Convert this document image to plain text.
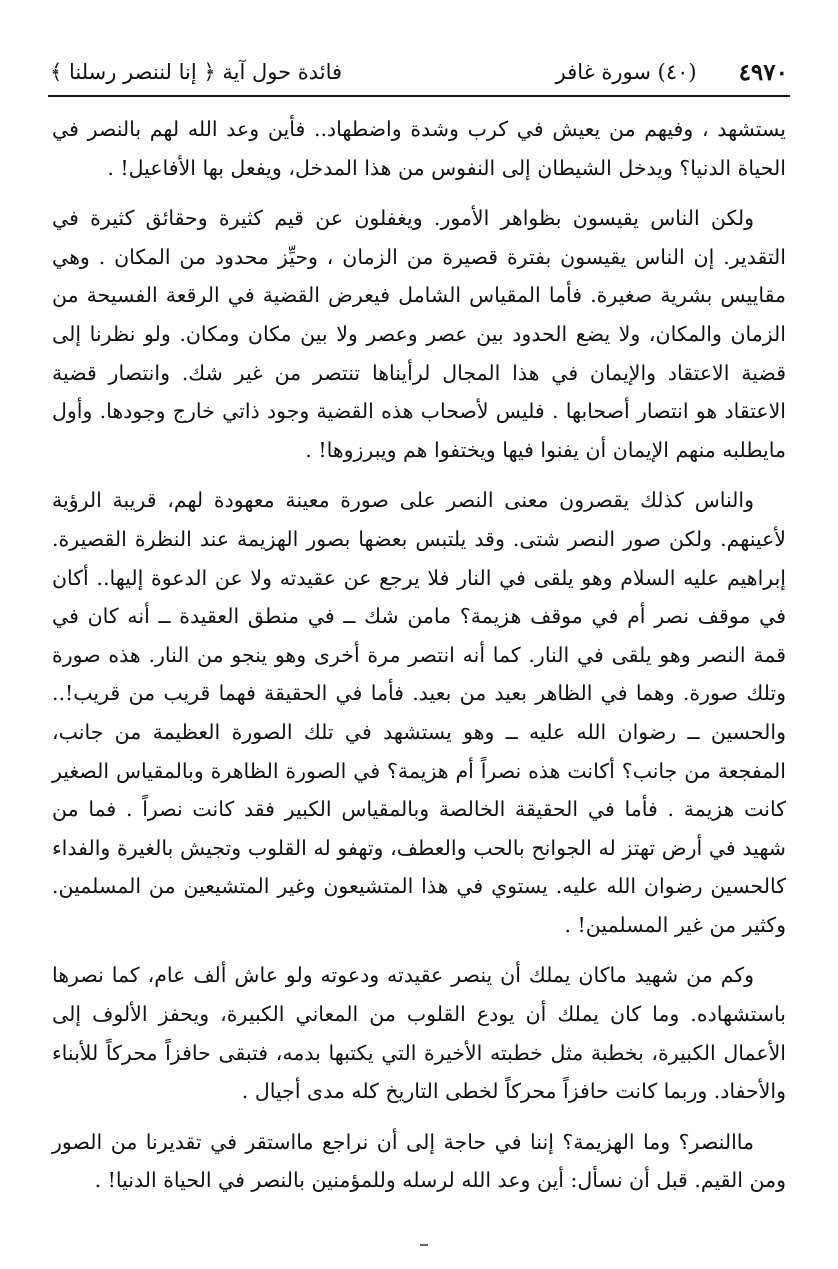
٤٩٧٠
(٤٠) سورة غافر
فائدة حول آية ﴿ إنا لننصر رسلنا ﴾

يستشهد ، وفيهم من يعيش في كرب وشدة واضطهاد.. فأين وعد الله لهم بالنصر في الحياة الدنيا؟ ويدخل الشيطان إلى النفوس من هذا المدخل، ويفعل بها الأفاعيل! .

ولكن الناس يقيسون بظواهر الأمور. ويغفلون عن قيم كثيرة وحقائق كثيرة في التقدير. إن الناس يقيسون بفترة قصيرة من الزمان ، وحيِّز محدود من المكان . وهي مقاييس بشرية صغيرة. فأما المقياس الشامل فيعرض القضية في الرقعة الفسيحة من الزمان والمكان، ولا يضع الحدود بين عصر وعصر ولا بين مكان ومكان. ولو نظرنا إلى قضية الاعتقاد والإيمان في هذا المجال لرأيناها تنتصر من غير شك. وانتصار قضية الاعتقاد هو انتصار أصحابها . فليس لأصحاب هذه القضية وجود ذاتي خارج وجودها. وأول مايطلبه منهم الإيمان أن يفنوا فيها ويختفوا هم ويبرزوها! .

والناس كذلك يقصرون معنى النصر على صورة معينة معهودة لهم، قريبة الرؤية لأعينهم. ولكن صور النصر شتى. وقد يلتبس بعضها بصور الهزيمة عند النظرة القصيرة. إبراهيم عليه السلام وهو يلقى في النار فلا يرجع عن عقيدته ولا عن الدعوة إليها.. أكان في موقف نصر أم في موقف هزيمة؟ مامن شك ــ في منطق العقيدة ــ أنه كان في قمة النصر وهو يلقى في النار. كما أنه انتصر مرة أخرى وهو ينجو من النار. هذه صورة وتلك صورة. وهما في الظاهر بعيد من بعيد. فأما في الحقيقة فهما قريب من قريب!.. والحسين ــ رضوان الله عليه ــ وهو يستشهد في تلك الصورة العظيمة من جانب، المفجعة من جانب؟ أكانت هذه نصراً أم هزيمة؟ في الصورة الظاهرة وبالمقياس الصغير كانت هزيمة . فأما في الحقيقة الخالصة وبالمقياس الكبير فقد كانت نصراً . فما من شهيد في أرض تهتز له الجوانح بالحب والعطف، وتهفو له القلوب وتجيش بالغيرة والفداء كالحسين رضوان الله عليه. يستوي في هذا المتشيعون وغير المتشيعين من المسلمين. وكثير من غير المسلمين! .

وكم من شهيد ماكان يملك أن ينصر عقيدته ودعوته ولو عاش ألف عام، كما نصرها باستشهاده. وما كان يملك أن يودع القلوب من المعاني الكبيرة، ويحفز الألوف إلى الأعمال الكبيرة، بخطبة مثل خطبته الأخيرة التي يكتبها بدمه، فتبقى حافزاً محركاً للأبناء والأحفاد. وربما كانت حافزاً محركاً لخطى التاريخ كله مدى أجيال .

ماالنصر؟ وما الهزيمة؟ إننا في حاجة إلى أن نراجع مااستقر في تقديرنا من الصور ومن القيم. قبل أن نسأل: أين وعد الله لرسله وللمؤمنين بالنصر في الحياة الدنيا! .
